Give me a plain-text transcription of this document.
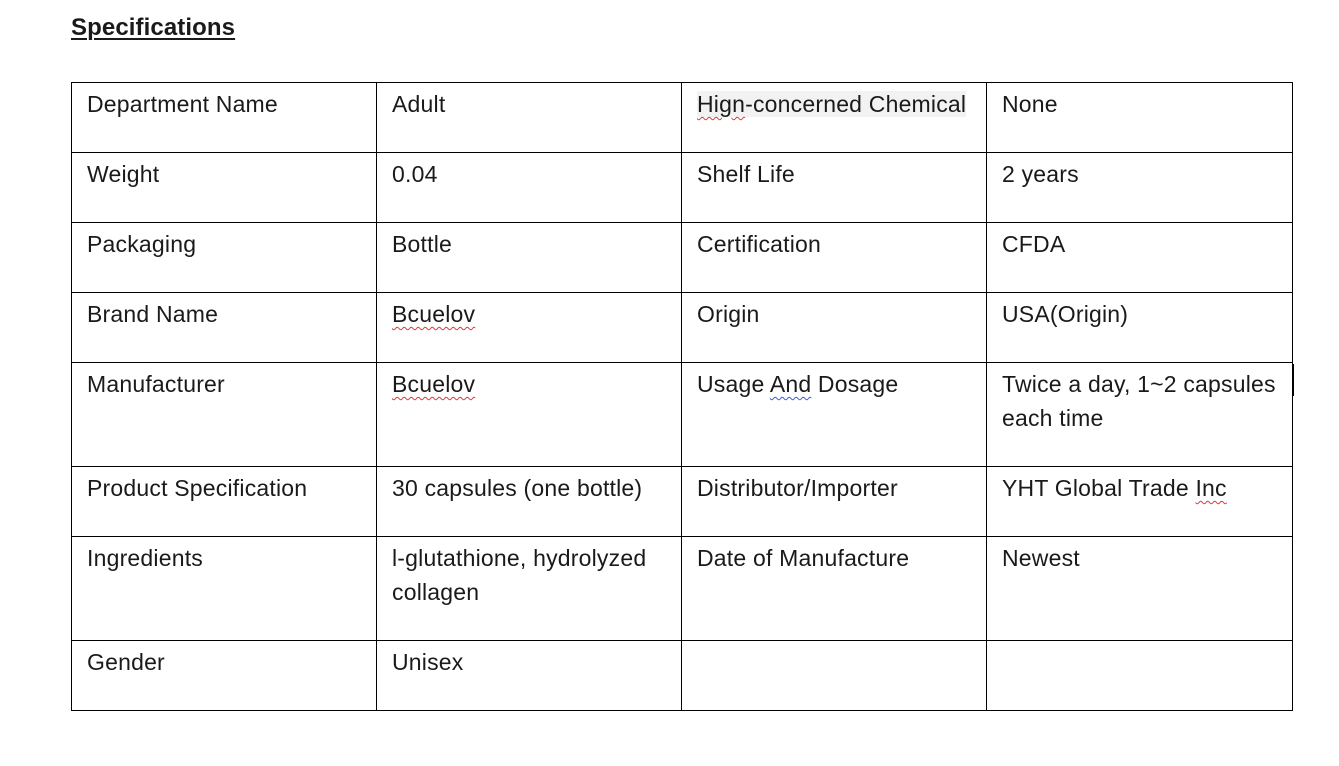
Specifications
Department Name	Adult	Hign-concerned Chemical	None
Weight	0.04	Shelf Life	2 years
Packaging	Bottle	Certification	CFDA
Brand Name	Bcuelov	Origin	USA(Origin)
Manufacturer	Bcuelov	Usage And Dosage	Twice a day, 1~2 capsules each time
Product Specification	30 capsules (one bottle)	Distributor/Importer	YHT Global Trade Inc
Ingredients	l-glutathione, hydrolyzed collagen	Date of Manufacture	Newest
Gender	Unisex		
